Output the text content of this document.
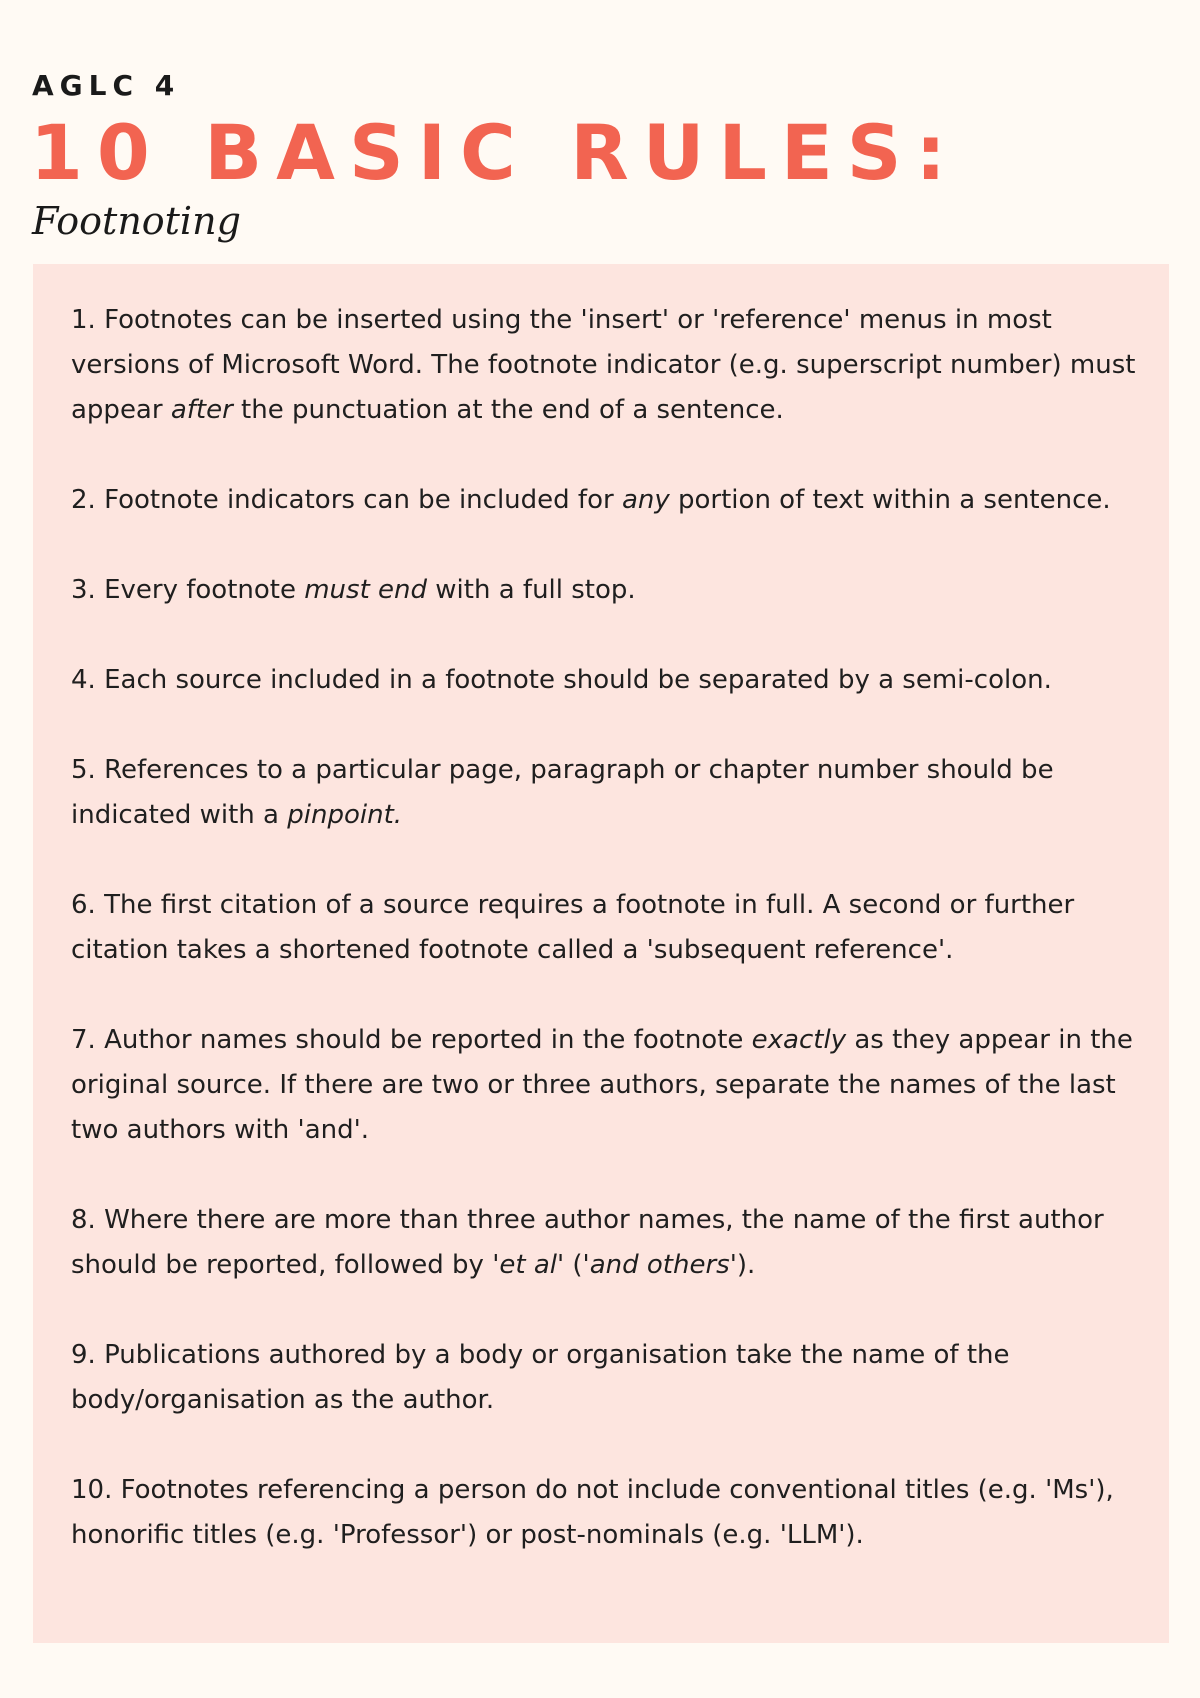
AGLC 4
10 BASIC RULES:
Footnoting

1. Footnotes can be inserted using the 'insert' or 'reference' menus in most versions of Microsoft Word. The footnote indicator (e.g. superscript number) must appear after the punctuation at the end of a sentence.

2. Footnote indicators can be included for any portion of text within a sentence.

3. Every footnote must end with a full stop.

4. Each source included in a footnote should be separated by a semi-colon.

5. References to a particular page, paragraph or chapter number should be indicated with a pinpoint.

6. The first citation of a source requires a footnote in full. A second or further citation takes a shortened footnote called a 'subsequent reference'.

7. Author names should be reported in the footnote exactly as they appear in the original source. If there are two or three authors, separate the names of the last two authors with 'and'.

8. Where there are more than three author names, the name of the first author should be reported, followed by 'et al' ('and others').

9. Publications authored by a body or organisation take the name of the body/organisation as the author.

10. Footnotes referencing a person do not include conventional titles (e.g. 'Ms'), honorific titles (e.g. 'Professor') or post-nominals (e.g. 'LLM').
